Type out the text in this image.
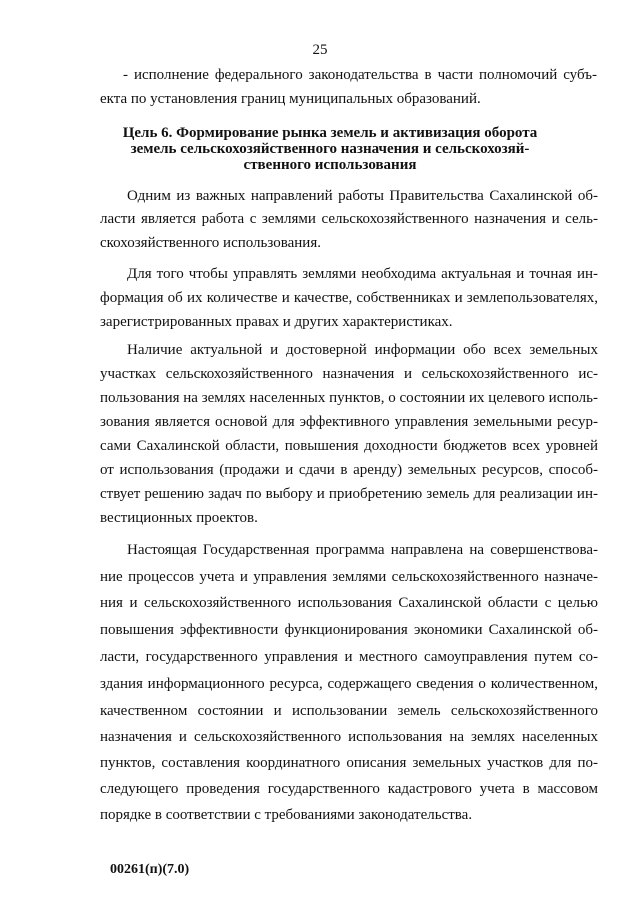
25
- исполнение федерального законодательства в части полномочий субъ-
екта по установления границ муниципальных образований.
Цель 6. Формирование рынка земель и активизация оборота
земель сельскохозяйственного назначения и сельскохозяй-
ственного использования
Одним из важных направлений работы Правительства Сахалинской об-
ласти является работа с землями сельскохозяйственного назначения и сель-
скохозяйственного использования.
Для того чтобы управлять землями необходима актуальная и точная ин-
формация об их количестве и качестве, собственниках и землепользователях,
зарегистрированных правах и других характеристиках.
Наличие актуальной и достоверной информации обо всех земельных
участках сельскохозяйственного назначения и сельскохозяйственного ис-
пользования на землях населенных пунктов, о состоянии их целевого исполь-
зования является основой для эффективного управления земельными ресур-
сами Сахалинской области, повышения доходности бюджетов всех уровней
от использования (продажи и сдачи в аренду) земельных ресурсов, способ-
ствует решению задач по выбору и приобретению земель для реализации ин-
вестиционных проектов.
Настоящая Государственная программа направлена на совершенствова-
ние процессов учета и управления землями сельскохозяйственного назначе-
ния и сельскохозяйственного использования Сахалинской области с целью
повышения эффективности функционирования экономики Сахалинской об-
ласти, государственного управления и местного самоуправления путем со-
здания информационного ресурса, содержащего сведения о количественном,
качественном состоянии и использовании земель сельскохозяйственного
назначения и сельскохозяйственного использования на землях населенных
пунктов, составления координатного описания земельных участков для по-
следующего проведения государственного кадастрового учета в массовом
порядке в соответствии с требованиями законодательства.
00261(п)(7.0)
